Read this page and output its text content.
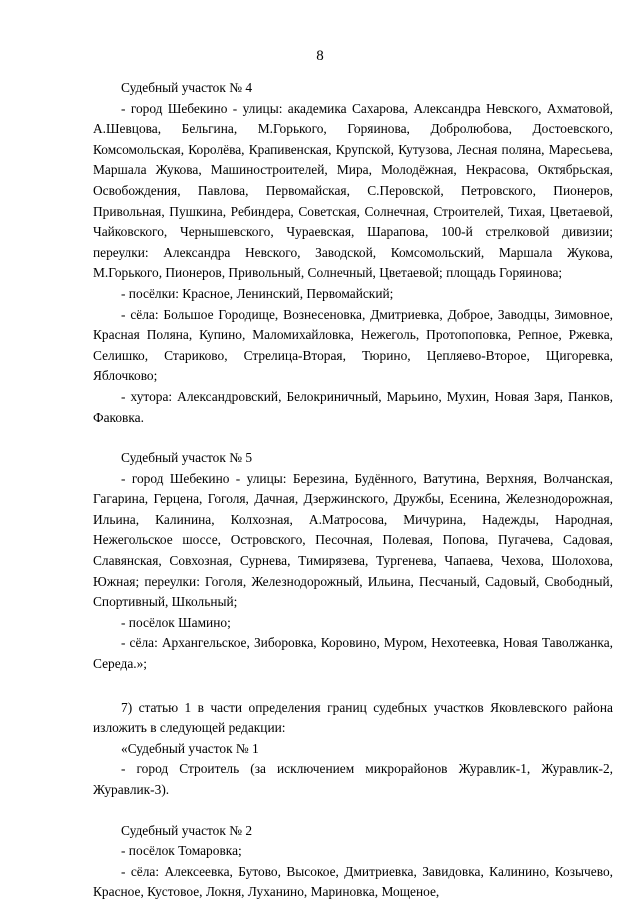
8

Судебный участок № 4

- город Шебекино - улицы: академика Сахарова, Александра Невского, Ахматовой, А.Шевцова, Бельгина, М.Горького, Горяинова, Добролюбова, Достоевского, Комсомольская, Королёва, Крапивенская, Крупской, Кутузова, Лесная поляна, Маресьева, Маршала Жукова, Машиностроителей, Мира, Молодёжная, Некрасова, Октябрьская, Освобождения, Павлова, Первомайская, С.Перовской, Петровского, Пионеров, Привольная, Пушкина, Ребиндера, Советская, Солнечная, Строителей, Тихая, Цветаевой, Чайковского, Чернышевского, Чураевская, Шарапова, 100-й стрелковой дивизии; переулки: Александра Невского, Заводской, Комсомольский, Маршала Жукова, М.Горького, Пионеров, Привольный, Солнечный, Цветаевой; площадь Горяинова;

- посёлки: Красное, Ленинский, Первомайский;

- сёла: Большое Городище, Вознесеновка, Дмитриевка, Доброе, Заводцы, Зимовное, Красная Поляна, Купино, Маломихайловка, Нежеголь, Протопоповка, Репное, Ржевка, Селишко, Стариково, Стрелица-Вторая, Тюрино, Цепляево-Второе, Щигоревка, Яблочково;

- хутора: Александровский, Белокриничный, Марьино, Мухин, Новая Заря, Панков, Факовка.

Судебный участок № 5

- город Шебекино - улицы: Березина, Будённого, Ватутина, Верхняя, Волчанская, Гагарина, Герцена, Гоголя, Дачная, Дзержинского, Дружбы, Есенина, Железнодорожная, Ильина, Калинина, Колхозная, А.Матросова, Мичурина, Надежды, Народная, Нежегольское шоссе, Островского, Песочная, Полевая, Попова, Пугачева, Садовая, Славянская, Совхозная, Сурнева, Тимирязева, Тургенева, Чапаева, Чехова, Шолохова, Южная; переулки: Гоголя, Железнодорожный, Ильина, Песчаный, Садовый, Свободный, Спортивный, Школьный;

- посёлок Шамино;

- сёла: Архангельское, Зиборовка, Коровино, Муром, Нехотеевка, Новая Таволжанка, Середа.»;

7) статью 1 в части определения границ судебных участков Яковлевского района изложить в следующей редакции:

«Судебный участок № 1

- город Строитель (за исключением микрорайонов Журавлик-1, Журавлик-2, Журавлик-3).

Судебный участок № 2

- посёлок Томаровка;

- сёла: Алексеевка, Бутово, Высокое, Дмитриевка, Завидовка, Калинино, Козычево, Красное, Кустовое, Локня, Луханино, Мариновка, Мощеное,
